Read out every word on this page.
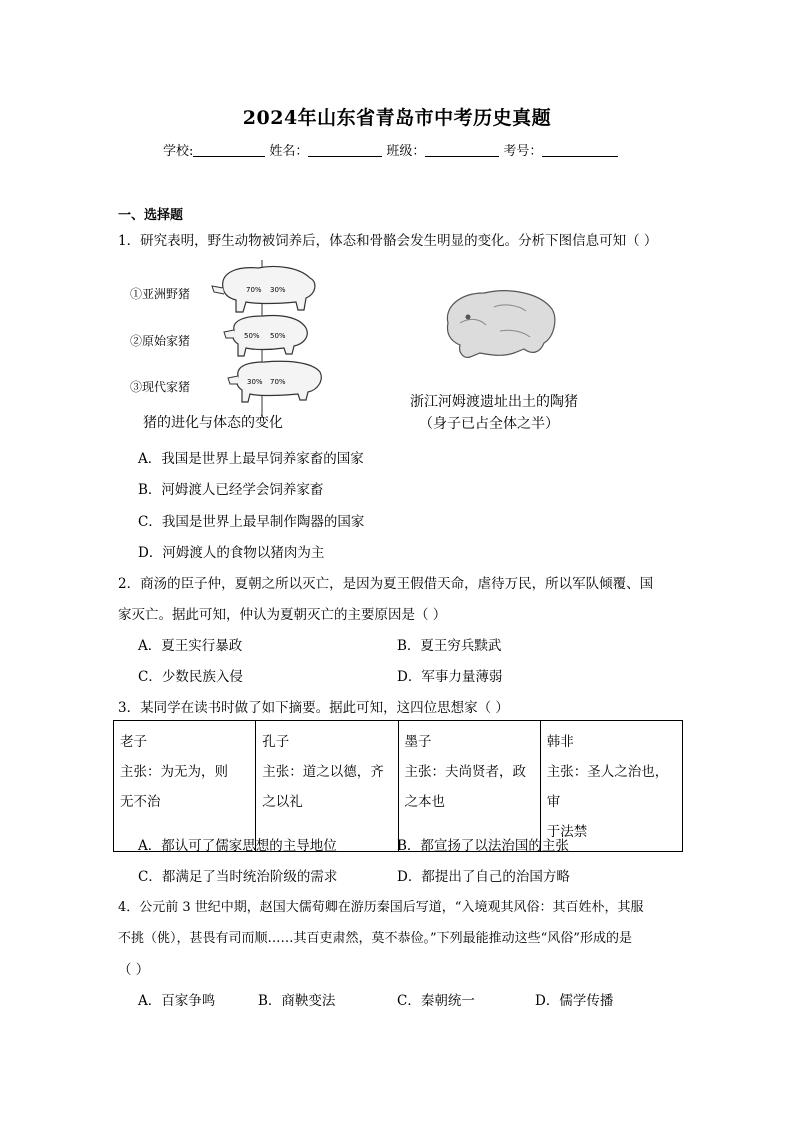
2024年山东省青岛市中考历史真题
学校:	姓名：	班级：	考号：
一、选择题
1．研究表明，野生动物被饲养后，体态和骨骼会发生明显的变化。分析下图信息可知（ ）
70% 30%
50% 50%
30% 70%
①亚洲野猪
②原始家猪
③现代家猪
猪的进化与体态的变化
浙江河姆渡遗址出土的陶猪
（身子已占全体之半）
A．我国是世界上最早饲养家畜的国家
B．河姆渡人已经学会饲养家畜
C．我国是世界上最早制作陶器的国家
D．河姆渡人的食物以猪肉为主
2．商汤的臣子仲，夏朝之所以灭亡，是因为夏王假借天命，虐待万民，所以军队倾覆、国
家灭亡。据此可知，仲认为夏朝灭亡的主要原因是（ ）
A．夏王实行暴政	B．夏王穷兵黩武
C．少数民族入侵	D．军事力量薄弱
3．某同学在读书时做了如下摘要。据此可知，这四位思想家（ ）
老子
主张：为无为，则
无不治	孔子
主张：道之以德，齐
之以礼	墨子
主张：夫尚贤者，政
之本也	韩非
主张：圣人之治也，审
于法禁
A．都认可了儒家思想的主导地位	B．都宣扬了以法治国的主张
C．都满足了当时统治阶级的需求	D．都提出了自己的治国方略
4．公元前 3 世纪中期，赵国大儒荀卿在游历秦国后写道，“入境观其风俗：其百姓朴，其服
不挑（佻），甚畏有司而顺……其百吏肃然，莫不恭俭。”下列最能推动这些“风俗”形成的是
（ ）
A．百家争鸣	B．商鞅变法	C．秦朝统一	D．儒学传播
